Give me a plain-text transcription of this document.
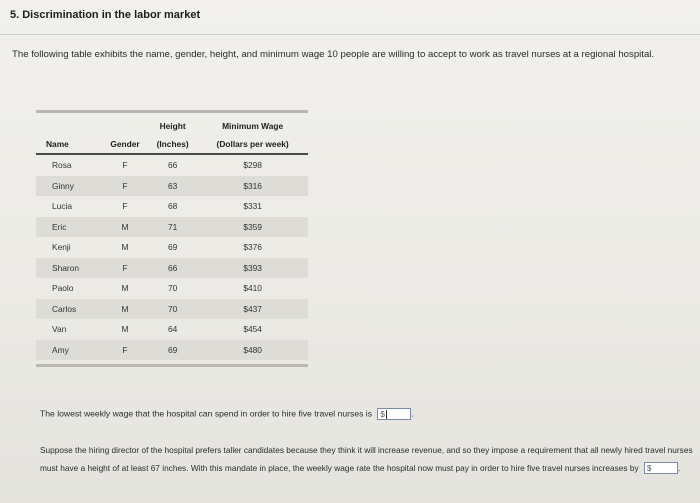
5. Discrimination in the labor market

The following table exhibits the name, gender, height, and minimum wage 10 people are willing to accept to work as travel nurses at a regional hospital.

		Height	Minimum Wage
Name	Gender	(Inches)	(Dollars per week)

Rosa	F	66	$298
Ginny	F	63	$316
Lucia	F	68	$331
Eric	M	71	$359
Kenji	M	69	$376
Sharon	F	66	$393
Paolo	M	70	$410
Carlos	M	70	$437
Van	M	64	$454
Amy	F	69	$480
The lowest weekly wage that the hospital can spend in order to hire five travel nurses is $	.

Suppose the hiring director of the hospital prefers taller candidates because they think it will increase revenue, and so they impose a requirement that all newly hired travel nurses must have a height of at least 67 inches. With this mandate in place, the weekly wage rate the hospital now must pay in order to hire five travel nurses increases by $	.
